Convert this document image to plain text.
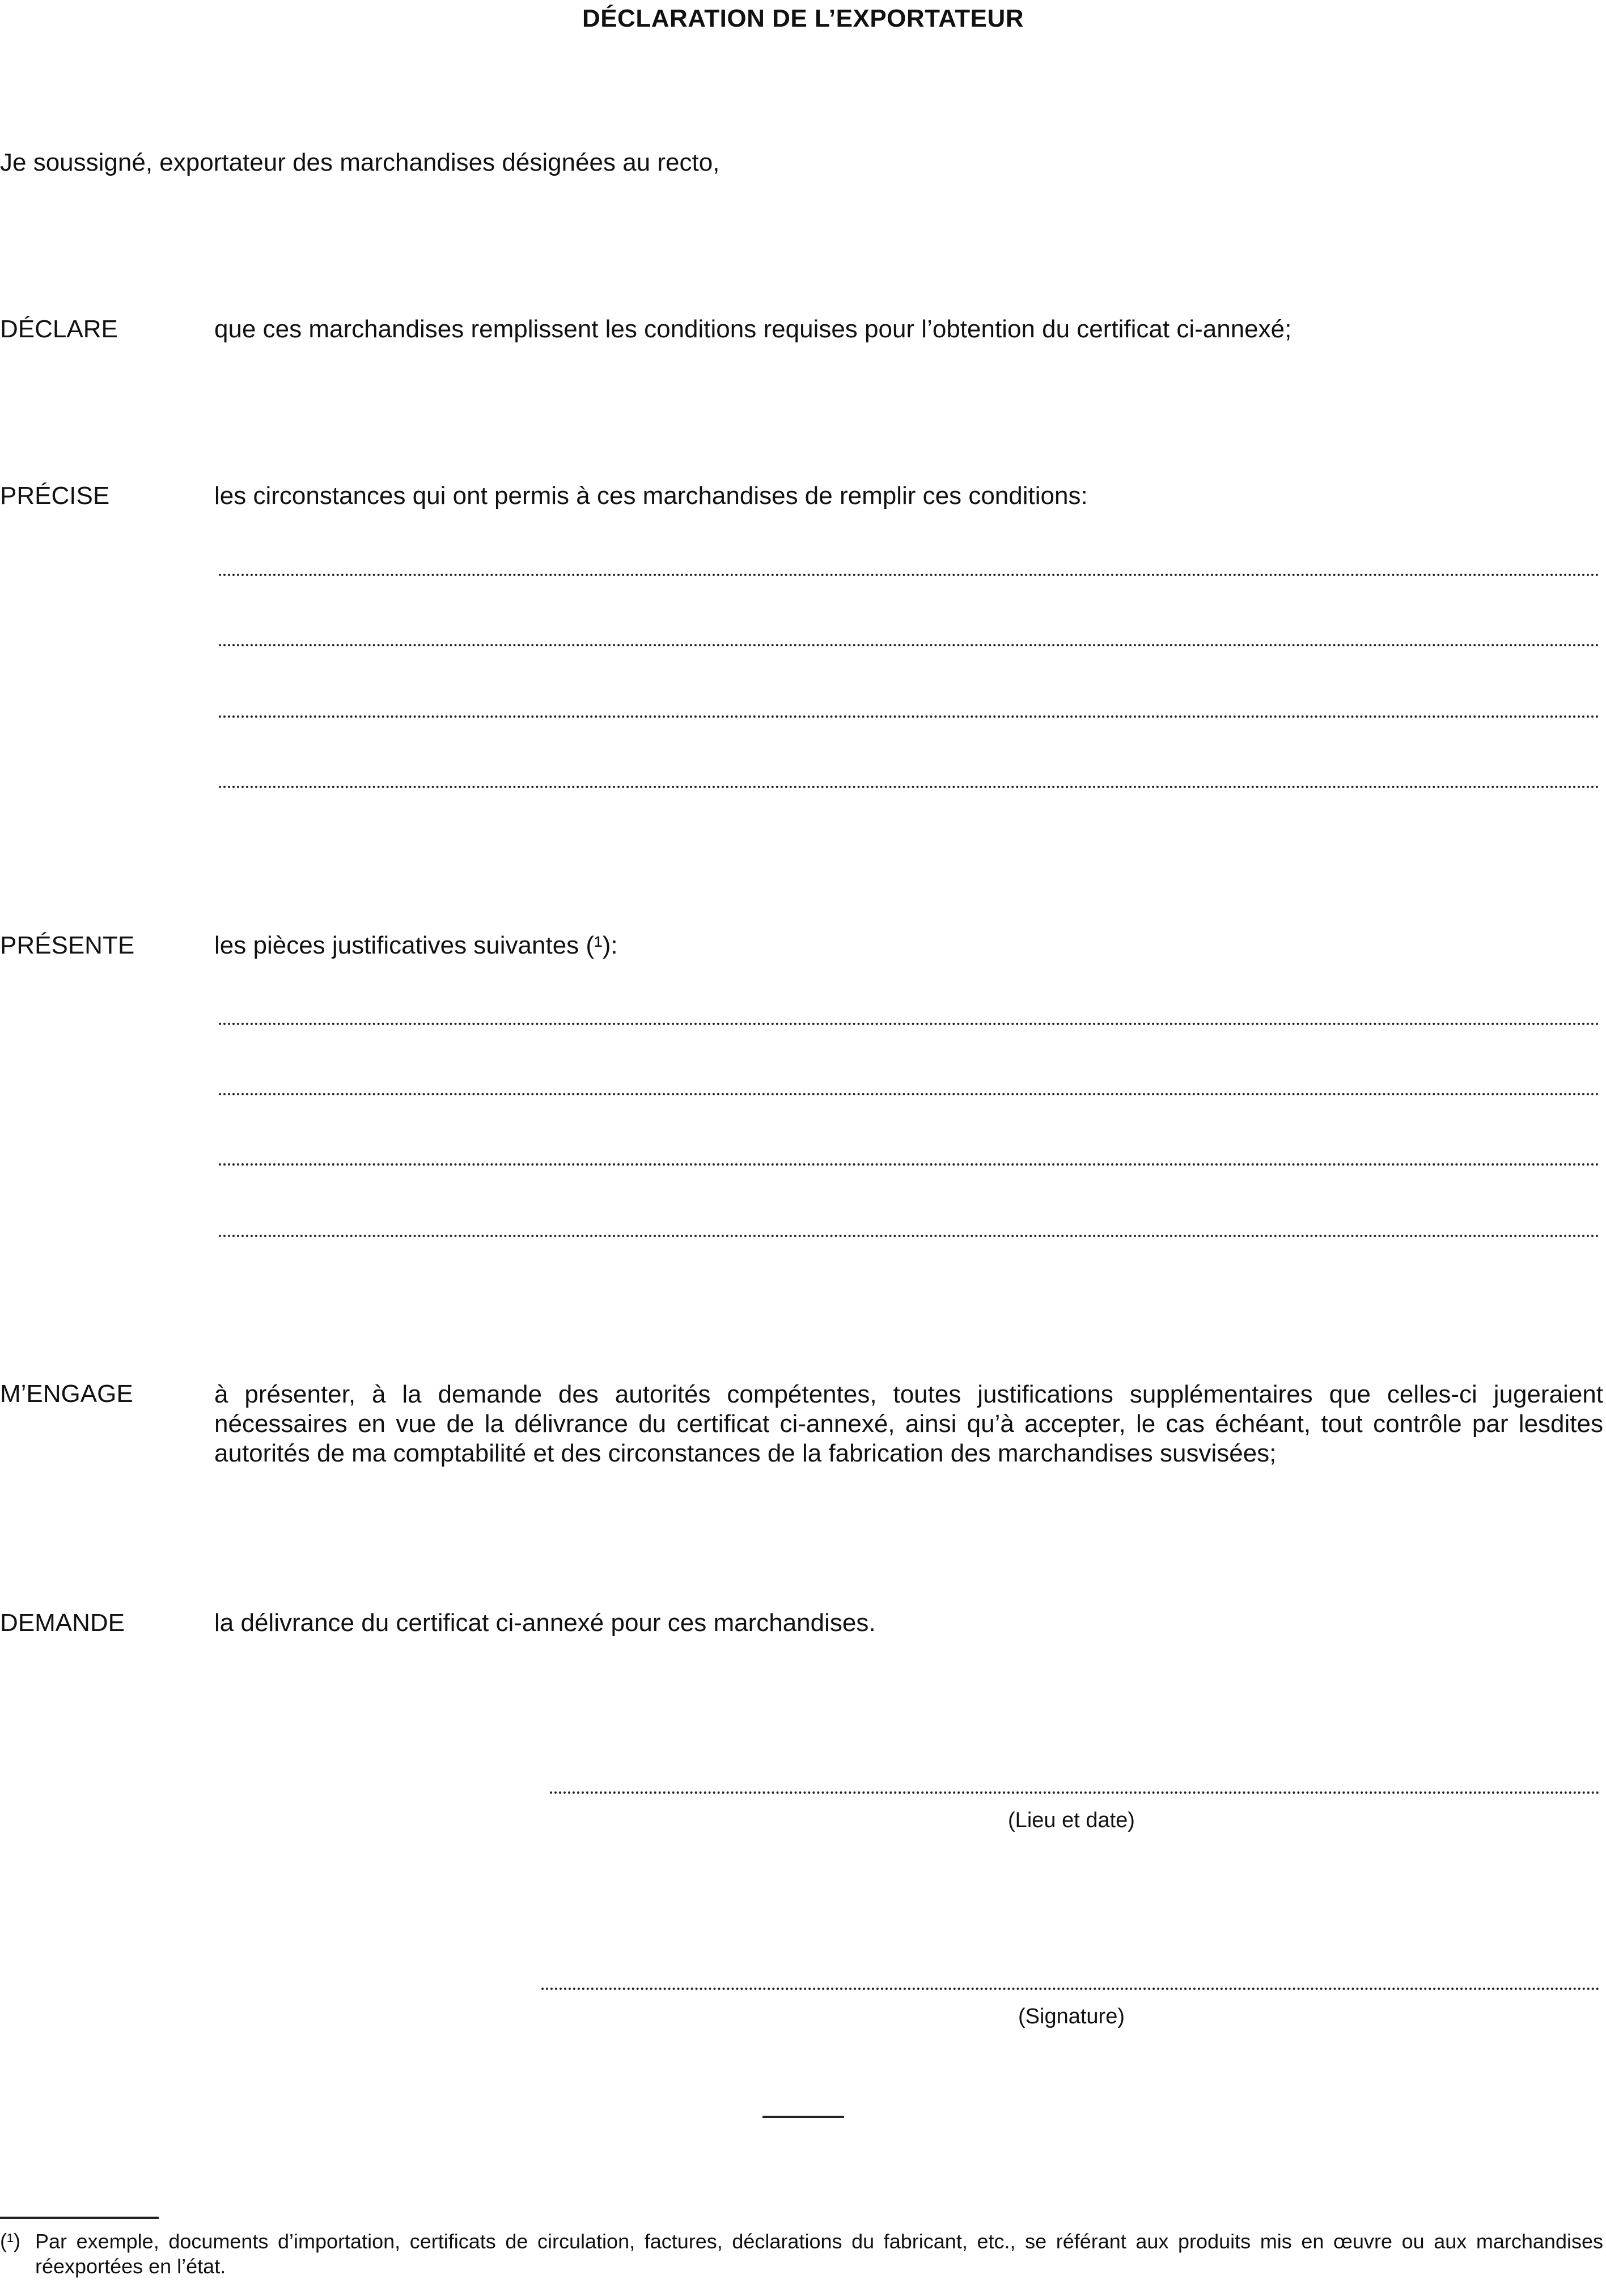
DÉCLARATION DE L’EXPORTATEUR
Je soussigné, exportateur des marchandises désignées au recto,
DÉCLARE	que ces marchandises remplissent les conditions requises pour l’obtention du certificat ci-annexé;
PRÉCISE	les circonstances qui ont permis à ces marchandises de remplir ces conditions:
PRÉSENTE	les pièces justificatives suivantes (¹):
M’ENGAGE	à présenter, à la demande des autorités compétentes, toutes justifications supplémentaires que celles-ci jugeraient nécessaires en vue de la délivrance du certificat ci-annexé, ainsi qu’à accepter, le cas échéant, tout contrôle par lesdites autorités de ma comptabilité et des circonstances de la fabrication des marchandises susvisées;
DEMANDE	la délivrance du certificat ci-annexé pour ces marchandises.
(Lieu et date)
(Signature)
(¹) Par exemple, documents d’importation, certificats de circulation, factures, déclarations du fabricant, etc., se référant aux produits mis en œuvre ou aux marchandises réexportées en l’état.
